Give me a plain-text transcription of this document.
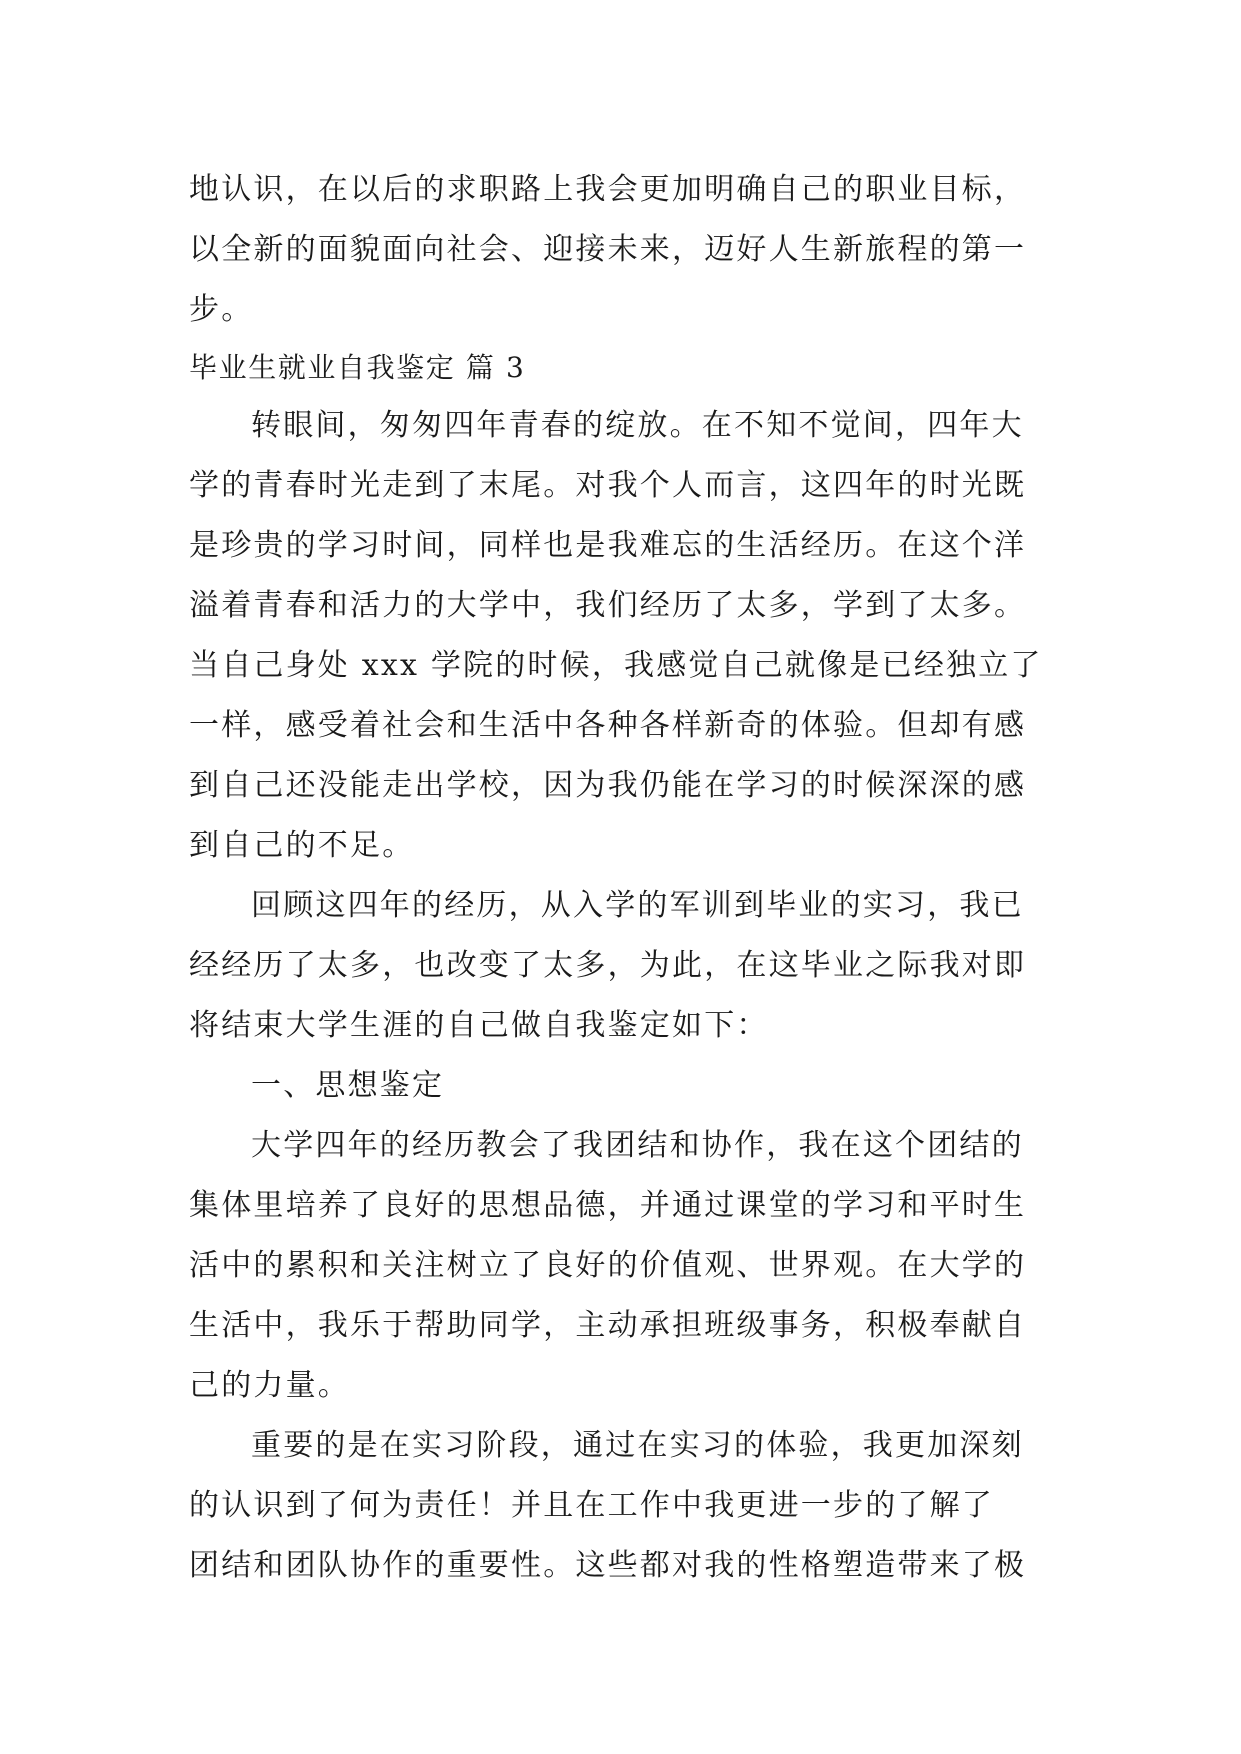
地认识，在以后的求职路上我会更加明确自己的职业目标，
以全新的面貌面向社会、迎接未来，迈好人生新旅程的第一
步。
毕业生就业自我鉴定 篇 3
转眼间，匆匆四年青春的绽放。在不知不觉间，四年大
学的青春时光走到了末尾。对我个人而言，这四年的时光既
是珍贵的学习时间，同样也是我难忘的生活经历。在这个洋
溢着青春和活力的大学中，我们经历了太多，学到了太多。
当自己身处 xxx 学院的时候，我感觉自己就像是已经独立了
一样，感受着社会和生活中各种各样新奇的体验。但却有感
到自己还没能走出学校，因为我仍能在学习的时候深深的感
到自己的不足。
回顾这四年的经历，从入学的军训到毕业的实习，我已
经经历了太多，也改变了太多，为此，在这毕业之际我对即
将结束大学生涯的自己做自我鉴定如下：
一、思想鉴定
大学四年的经历教会了我团结和协作，我在这个团结的
集体里培养了良好的思想品德，并通过课堂的学习和平时生
活中的累积和关注树立了良好的价值观、世界观。在大学的
生活中，我乐于帮助同学，主动承担班级事务，积极奉献自
己的力量。
重要的是在实习阶段，通过在实习的体验，我更加深刻
的认识到了何为责任！并且在工作中我更进一步的了解了
团结和团队协作的重要性。这些都对我的性格塑造带来了极
